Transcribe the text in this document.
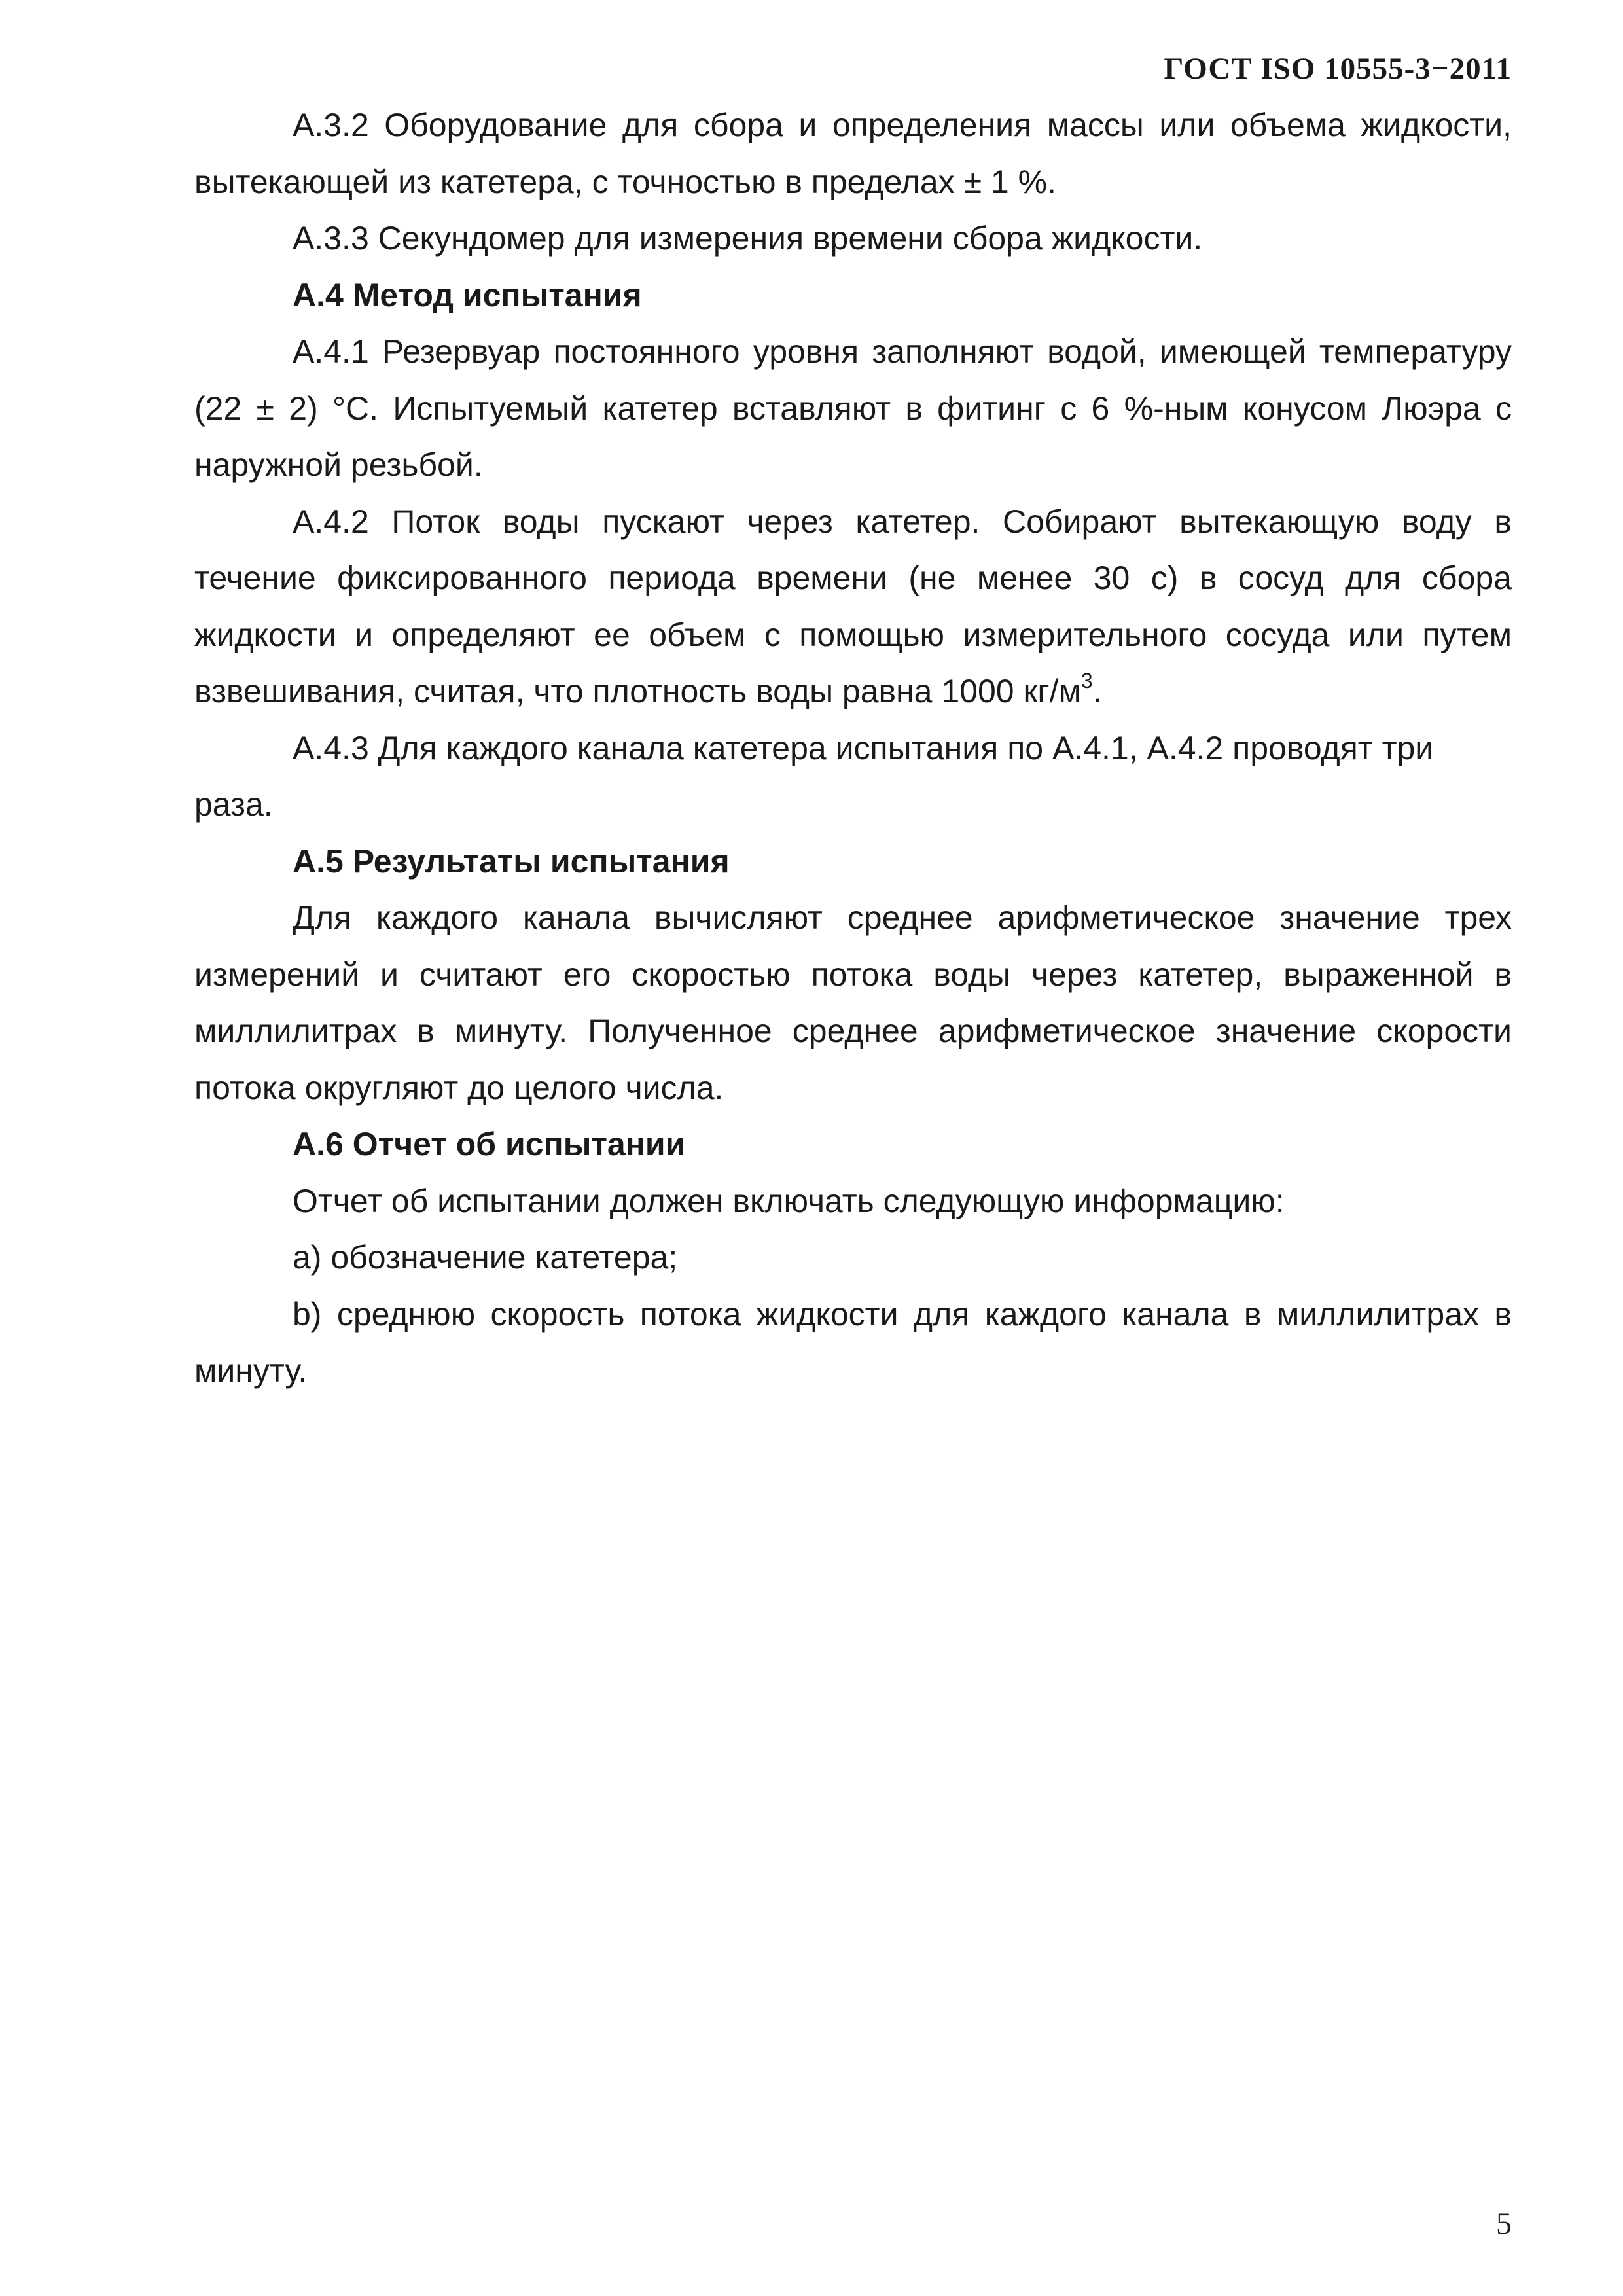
ГОСТ ISO 10555-3−2011

А.3.2 Оборудование для сбора и определения массы или объема жидкости, вытекающей из катетера, с точностью в пределах ± 1 %.

А.3.3 Секундомер для измерения времени сбора жидкости.

А.4 Метод испытания

А.4.1 Резервуар постоянного уровня заполняют водой, имеющей температуру (22 ± 2) °С. Испытуемый катетер вставляют в фитинг с 6 %-ным конусом Люэра с наружной резьбой.

А.4.2 Поток воды пускают через катетер. Собирают вытекающую воду в течение фиксированного периода времени (не менее 30 с) в сосуд для сбора жидкости и определяют ее объем с помощью измерительного сосуда или путем взвешивания, считая, что плотность воды равна 1000 $кг/м^3$.

А.4.3 Для каждого канала катетера испытания по А.4.1, А.4.2 проводят три раза.

А.5 Результаты испытания

Для каждого канала вычисляют среднее арифметическое значение трех измерений и считают его скоростью потока воды через катетер, выраженной в миллилитрах в минуту. Полученное среднее арифметическое значение скорости потока округляют до целого числа.

А.6 Отчет об испытании

Отчет об испытании должен включать следующую информацию:

а) обозначение катетера;

b) среднюю скорость потока жидкости для каждого канала в миллилитрах в минуту.

5
